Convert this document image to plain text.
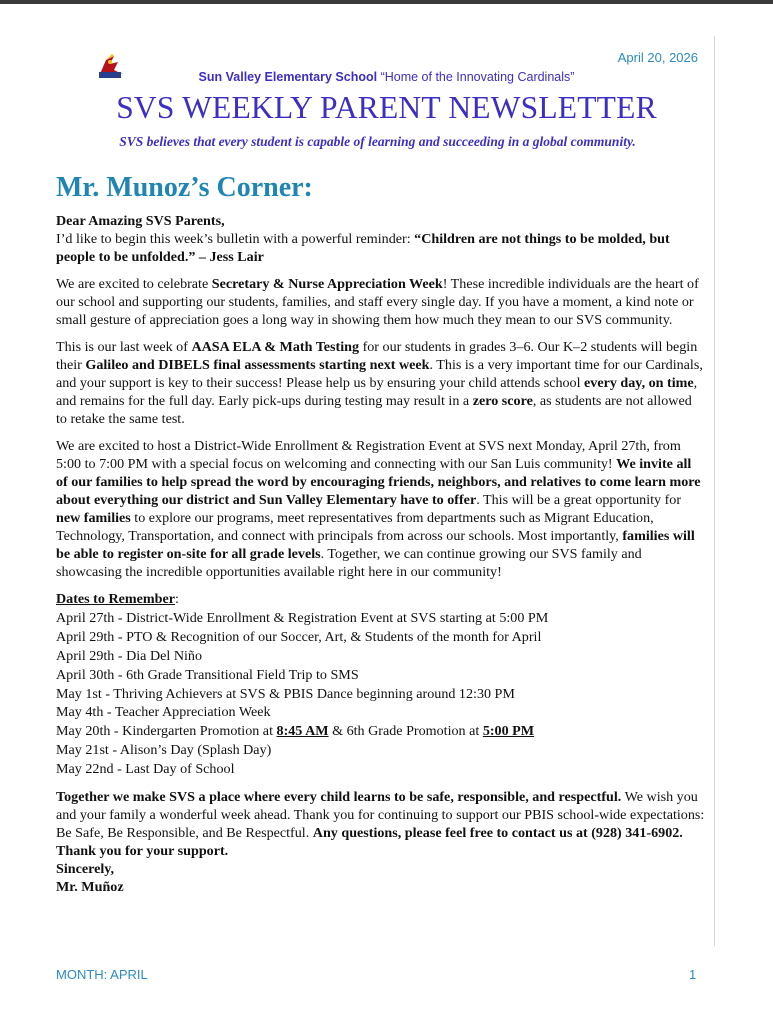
April 20, 2026
Sun Valley Elementary School “Home of the Innovating Cardinals”
SVS WEEKLY PARENT NEWSLETTER
SVS believes that every student is capable of learning and succeeding in a global community.
Mr. Munoz’s Corner:

Dear Amazing SVS Parents,
I’d like to begin this week’s bulletin with a powerful reminder: “Children are not things to be molded, but people to be unfolded.” – Jess Lair

We are excited to celebrate Secretary & Nurse Appreciation Week! These incredible individuals are the heart of our school and supporting our students, families, and staff every single day. If you have a moment, a kind note or small gesture of appreciation goes a long way in showing them how much they mean to our SVS community.

This is our last week of AASA ELA & Math Testing for our students in grades 3–6. Our K–2 students will begin their Galileo and DIBELS final assessments starting next week. This is a very important time for our Cardinals, and your support is key to their success! Please help us by ensuring your child attends school every day, on time, and remains for the full day. Early pick-ups during testing may result in a zero score, as students are not allowed to retake the same test.

We are excited to host a District-Wide Enrollment & Registration Event at SVS next Monday, April 27th, from 5:00 to 7:00 PM with a special focus on welcoming and connecting with our San Luis community! We invite all of our families to help spread the word by encouraging friends, neighbors, and relatives to come learn more about everything our district and Sun Valley Elementary have to offer. This will be a great opportunity for new families to explore our programs, meet representatives from departments such as Migrant Education, Technology, Transportation, and connect with principals from across our schools. Most importantly, families will be able to register on-site for all grade levels. Together, we can continue growing our SVS family and showcasing the incredible opportunities available right here in our community!

Dates to Remember:
April 27th - District-Wide Enrollment & Registration Event at SVS starting at 5:00 PM
April 29th - PTO & Recognition of our Soccer, Art, & Students of the month for April
April 29th - Dia Del Niño
April 30th - 6th Grade Transitional Field Trip to SMS
May 1st - Thriving Achievers at SVS & PBIS Dance beginning around 12:30 PM
May 4th - Teacher Appreciation Week
May 20th - Kindergarten Promotion at 8:45 AM & 6th Grade Promotion at 5:00 PM
May 21st - Alison’s Day (Splash Day)
May 22nd - Last Day of School

Together we make SVS a place where every child learns to be safe, responsible, and respectful. We wish you and your family a wonderful week ahead. Thank you for continuing to support our PBIS school-wide expectations: Be Safe, Be Responsible, and Be Respectful. Any questions, please feel free to contact us at (928) 341-6902. Thank you for your support.
Sincerely,
Mr. Muñoz

MONTH: APRIL	1
